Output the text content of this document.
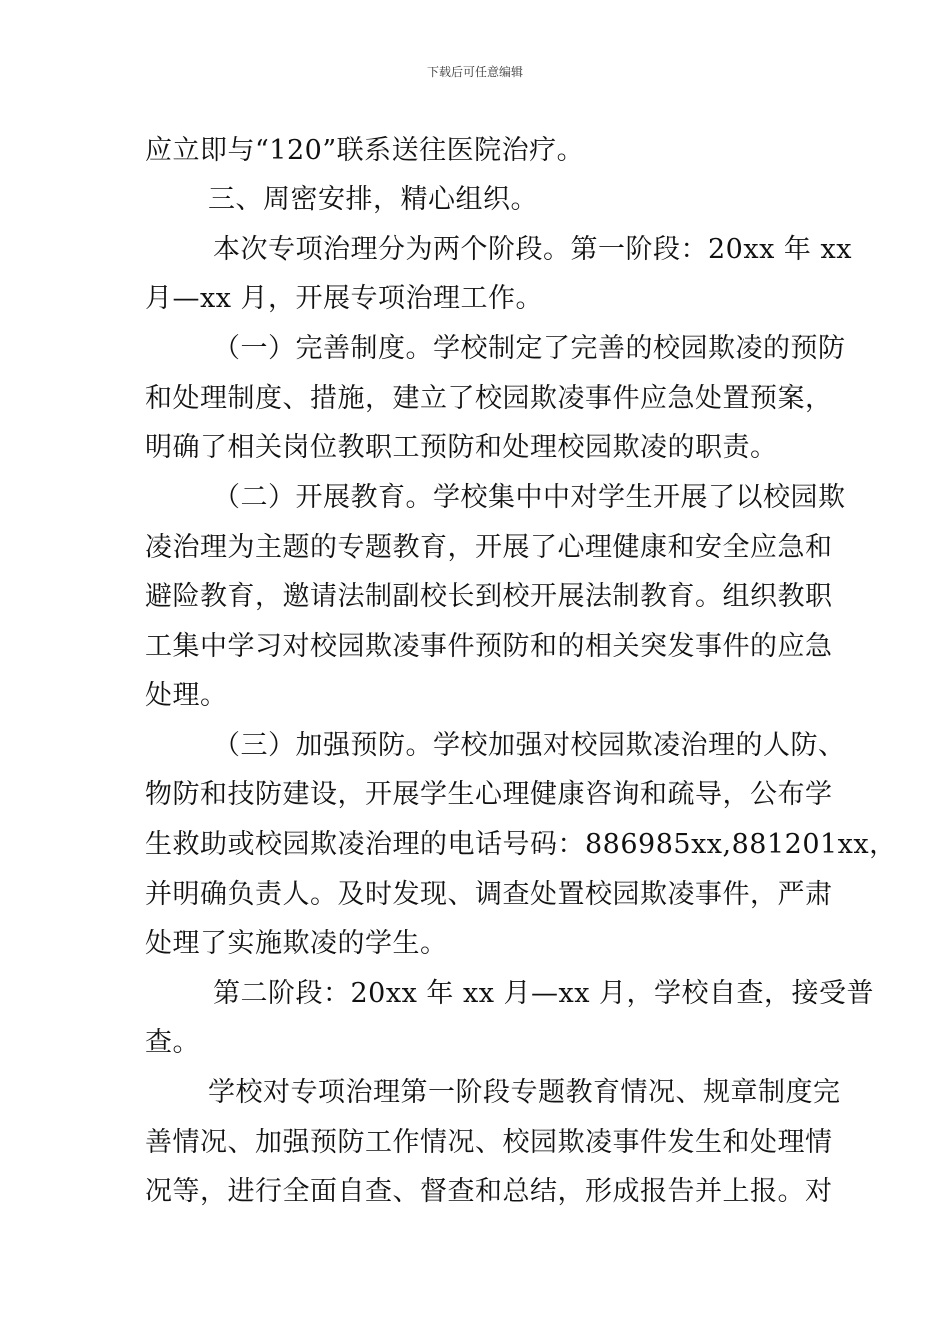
下载后可任意编辑
应立即与“120”联系送往医院治疗。
三、周密安排，精心组织。
本次专项治理分为两个阶段。第一阶段：20xx 年 xx
月—xx 月，开展专项治理工作。
（一）完善制度。学校制定了完善的校园欺凌的预防
和处理制度、措施，建立了校园欺凌事件应急处置预案，
明确了相关岗位教职工预防和处理校园欺凌的职责。
（二）开展教育。学校集中中对学生开展了以校园欺
凌治理为主题的专题教育，开展了心理健康和安全应急和
避险教育，邀请法制副校长到校开展法制教育。组织教职
工集中学习对校园欺凌事件预防和的相关突发事件的应急
处理。
（三）加强预防。学校加强对校园欺凌治理的人防、
物防和技防建设，开展学生心理健康咨询和疏导，公布学
生救助或校园欺凌治理的电话号码：886985xx,881201xx，
并明确负责人。及时发现、调查处置校园欺凌事件，严肃
处理了实施欺凌的学生。
第二阶段：20xx 年 xx 月—xx 月，学校自查，接受普
查。
学校对专项治理第一阶段专题教育情况、规章制度完
善情况、加强预防工作情况、校园欺凌事件发生和处理情
况等，进行全面自查、督查和总结，形成报告并上报。对
